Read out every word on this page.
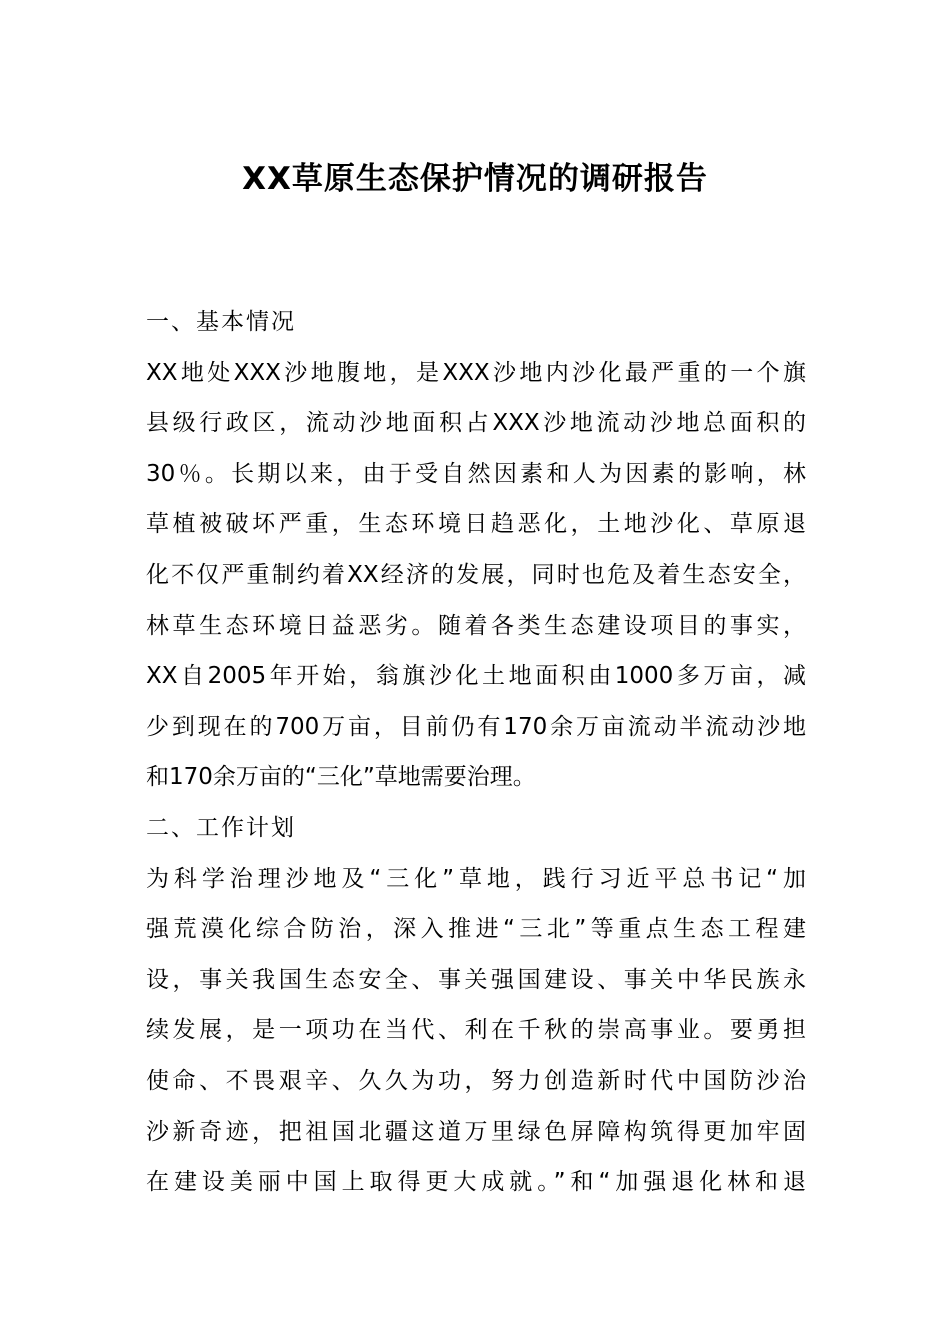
XX草原生态保护情况的调研报告
一、基本情况
XX地处XXX沙地腹地，是XXX沙地内沙化最严重的一个旗
县级行政区，流动沙地面积占XXX沙地流动沙地总面积的
30％。长期以来，由于受自然因素和人为因素的影响，林
草植被破坏严重，生态环境日趋恶化，土地沙化、草原退
化不仅严重制约着XX经济的发展，同时也危及着生态安全，
林草生态环境日益恶劣。随着各类生态建设项目的事实，
XX自2005年开始，翁旗沙化土地面积由1000多万亩，减
少到现在的700万亩，目前仍有170余万亩流动半流动沙地
和170余万亩的“三化”草地需要治理。
二、工作计划
为科学治理沙地及“三化”草地，践行习近平总书记“加
强荒漠化综合防治，深入推进“三北”等重点生态工程建
设，事关我国生态安全、事关强国建设、事关中华民族永
续发展，是一项功在当代、利在千秋的崇高事业。要勇担
使命、不畏艰辛、久久为功，努力创造新时代中国防沙治
沙新奇迹，把祖国北疆这道万里绿色屏障构筑得更加牢固
在建设美丽中国上取得更大成就。”和“加强退化林和退
